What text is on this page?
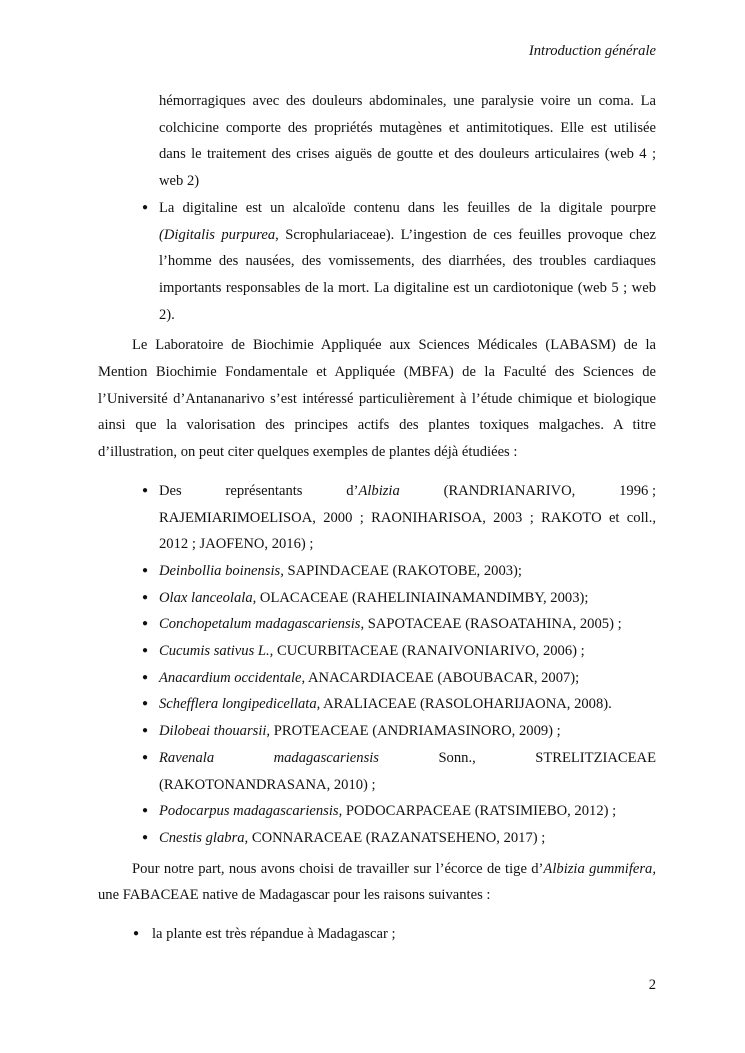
Introduction générale

hémorragiques avec des douleurs abdominales, une paralysie voire un coma. La colchicine comporte des propriétés mutagènes et antimitotiques. Elle est utilisée dans le traitement des crises aiguës de goutte et des douleurs articulaires (web 4 ; web 2)

● La digitaline est un alcaloïde contenu dans les feuilles de la digitale pourpre (Digitalis purpurea, Scrophulariaceae). L’ingestion de ces feuilles provoque chez l’homme des nausées, des vomissements, des diarrhées, des troubles cardiaques importants responsables de la mort. La digitaline est un cardiotonique (web 5 ; web 2).

Le Laboratoire de Biochimie Appliquée aux Sciences Médicales (LABASM) de la Mention Biochimie Fondamentale et Appliquée (MBFA) de la Faculté des Sciences de l’Université d’Antananarivo s’est intéressé particulièrement à l’étude chimique et biologique ainsi que la valorisation des principes actifs des plantes toxiques malgaches. A titre d’illustration, on peut citer quelques exemples de plantes déjà étudiées :

● Des	représentants	d’Albizia	(RANDRIANARIVO,	1996 ;
RAJEMIARIMOELISOA, 2000 ; RAONIHARISOA, 2003 ; RAKOTO et coll., 2012 ; JAOFENO, 2016) ;
● Deinbollia boinensis, SAPINDACEAE (RAKOTOBE, 2003);
● Olax lanceolala, OLACACEAE (RAHELINIAINAMANDIMBY, 2003);
● Conchopetalum madagascariensis, SAPOTACEAE (RASOATAHINA, 2005) ;
● Cucumis sativus L., CUCURBITACEAE (RANAIVONIARIVO, 2006) ;
● Anacardium occidentale, ANACARDIACEAE (ABOUBACAR, 2007);
● Schefflera longipedicellata, ARALIACEAE (RASOLOHARIJAONA, 2008).
● Dilobeai thouarsii, PROTEACEAE (ANDRIAMASINORO, 2009) ;
● Ravenala	madagascariensis	Sonn.,	STRELITZIACEAE
(RAKOTONANDRASANA, 2010) ;
● Podocarpus madagascariensis, PODOCARPACEAE (RATSIMIEBO, 2012) ;
● Cnestis glabra, CONNARACEAE (RAZANATSEHENO, 2017) ;

Pour notre part, nous avons choisi de travailler sur l’écorce de tige d’Albizia gummifera, une FABACEAE native de Madagascar pour les raisons suivantes :

● la plante est très répandue à Madagascar ;
2
